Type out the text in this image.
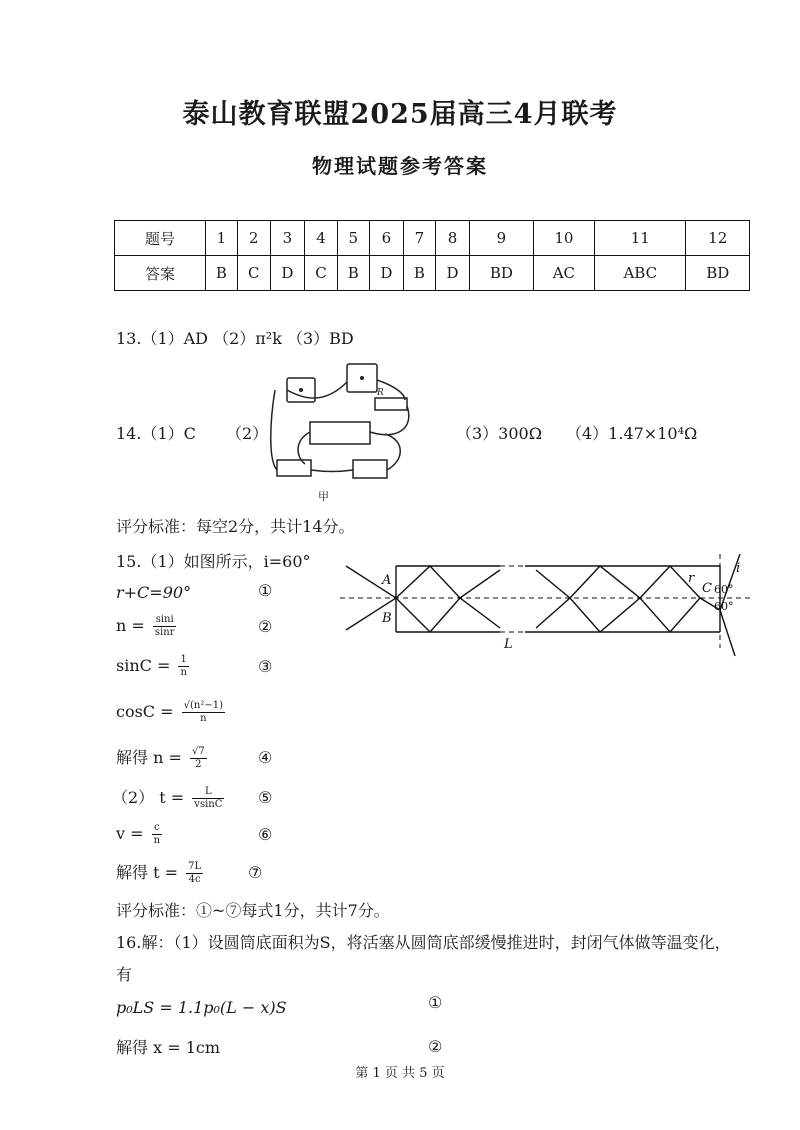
泰山教育联盟2025届高三4月联考
物理试题参考答案
题号	1	2	3	4	5	6	7	8	9	10	11	12
答案	B	C	D	C	B	D	B	D	BD	AC	ABC	BD
13.（1）AD （2）π²k （3）BD
14.（1）C （2）
R
甲
（3）300Ω （4）1.47×10⁴Ω
评分标准：每空2分，共计14分。
15.（1）如图所示，i=60°
r+C=90°	①
$n = \frac{\sin i}{\sin r}$	②
$\sin C = \frac{1}{n}$	③
$\cos C = \frac{\text{√(n²−1)}}{n}$
解得 $n = \frac{√7}{2}$	④
（2） $t = \frac{L}{vsinC}$ ⑤
$v = \frac{c}{n}$	⑥
解得 $t = \frac{7L}{4c}$	⑦
评分标准：①~⑦每式1分，共计7分。
A
B
L
r
C
i
60°
60°
16.解：（1）设圆筒底面积为S，将活塞从圆筒底部缓慢推进时，封闭气体做等温变化，
有
p₀LS = 1.1p₀(L − x)S	①
解得 x = 1cm	②
第 1 页 共 5 页
